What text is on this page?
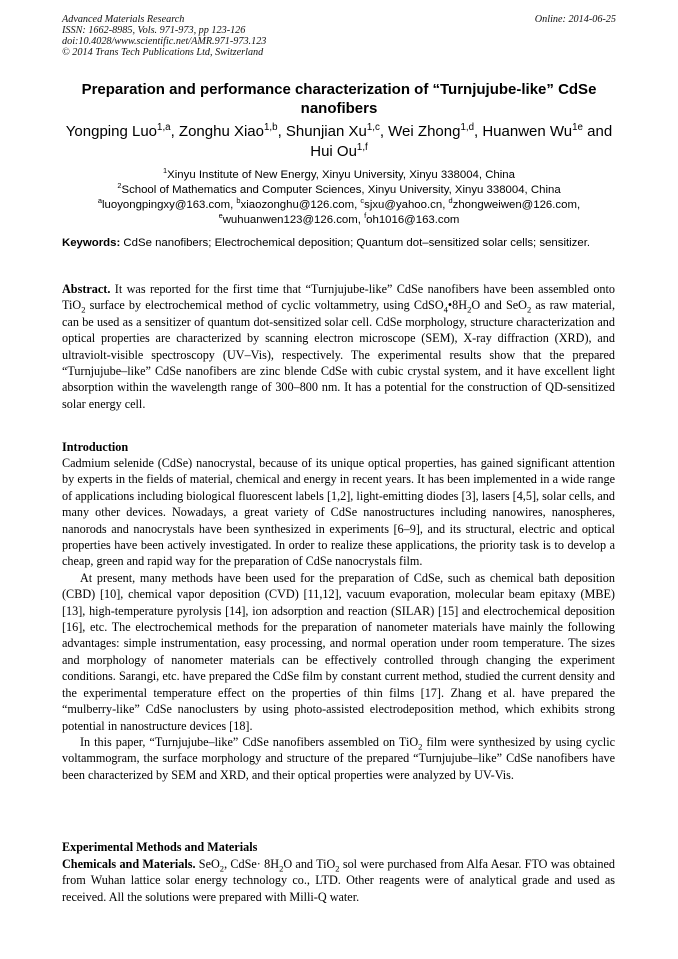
Advanced Materials Research
ISSN: 1662-8985, Vols. 971-973, pp 123-126
doi:10.4028/www.scientific.net/AMR.971-973.123
© 2014 Trans Tech Publications Ltd, Switzerland
Online: 2014-06-25
Preparation and performance characterization of “Turnjujube-like” CdSe nanofibers
Yongping Luo$^{1,a}$, Zonghu Xiao$^{1,b}$, Shunjian Xu$^{1,c}$, Wei Zhong$^{1,d}$, Huanwen $Wu^{1e}$ and
Hui Ou$^{1,f}$
$^1$Xinyu Institute of New Energy, Xinyu University, Xinyu 338004, China
$^2$School of Mathematics and Computer Sciences, Xinyu University, Xinyu 338004, China
$^a$luoyongpingxy@163.com, $^b$xiaozonghu@126.com, $^c$sjxu@yahoo.cn, $^d$zhongweiwen@126.com,
$^e$wuhuanwen123@126.com, $^f$oh1016@163.com
Keywords: CdSe nanofibers; Electrochemical deposition; Quantum dot–sensitized solar cells; sensitizer.
Abstract. It was reported for the first time that “Turnjujube-like” CdSe nanofibers have been assembled onto TiO$_2$ surface by electrochemical method of cyclic voltammetry, using $CdSO_4•8H_2O$ and SeO$_2$ as raw material, can be used as a sensitizer of quantum dot-sensitized solar cell. CdSe morphology, structure characterization and optical properties are characterized by scanning electron microscope (SEM), X-ray diffraction (XRD), and ultraviolt-visible spectroscopy (UV–Vis), respectively. The experimental results show that the prepared “Turnjujube–like” CdSe nanofibers are zinc blende CdSe with cubic crystal system, and it have excellent light absorption within the wavelength range of 300–800 nm. It has a potential for the construction of QD-sensitized solar energy cell.
Introduction

Cadmium selenide (CdSe) nanocrystal, because of its unique optical properties, has gained significant attention by experts in the fields of material, chemical and energy in recent years. It has been implemented in a wide range of applications including biological fluorescent labels [1,2], light-emitting diodes [3], lasers [4,5], solar cells, and many other devices. Nowadays, a great variety of CdSe nanostructures including nanowires, nanospheres, nanorods and nanocrystals have been synthesized in experiments [6–9], and its structural, electric and optical properties have been actively investigated. In order to realize these applications, the priority task is to develop a cheap, green and rapid way for the preparation of CdSe nanocrystals film.

At present, many methods have been used for the preparation of CdSe, such as chemical bath deposition (CBD) [10], chemical vapor deposition (CVD) [11,12], vacuum evaporation, molecular beam epitaxy (MBE) [13], high-temperature pyrolysis [14], ion adsorption and reaction (SILAR) [15] and electrochemical deposition [16], etc. The electrochemical methods for the preparation of nanometer materials have mainly the following advantages: simple instrumentation, easy processing, and normal operation under room temperature. The sizes and morphology of nanometer materials can be effectively controlled through changing the experiment conditions. Sarangi, etc. have prepared the CdSe film by constant current method, studied the current density and the experimental temperature effect on the properties of thin films [17]. Zhang et al. have prepared the “mulberry-like” CdSe nanoclusters by using photo-assisted electrodeposition method, which exhibits strong potential in nanostructure devices [18].

In this paper, “Turnjujube–like” CdSe nanofibers assembled on TiO$_2$ film were synthesized by using cyclic voltammogram, the surface morphology and structure of the prepared “Turnjujube–like” CdSe nanofibers have been characterized by SEM and XRD, and their optical properties were analyzed by UV-Vis.

Experimental Methods and Materials
Chemicals and Materials. SeO$_2$, CdSe· $8H_2O$ and TiO$_2$ sol were purchased from Alfa Aesar. FTO was obtained from Wuhan lattice solar energy technology co., LTD. Other reagents were of analytical grade and used as received. All the solutions were prepared with Milli-Q water.
